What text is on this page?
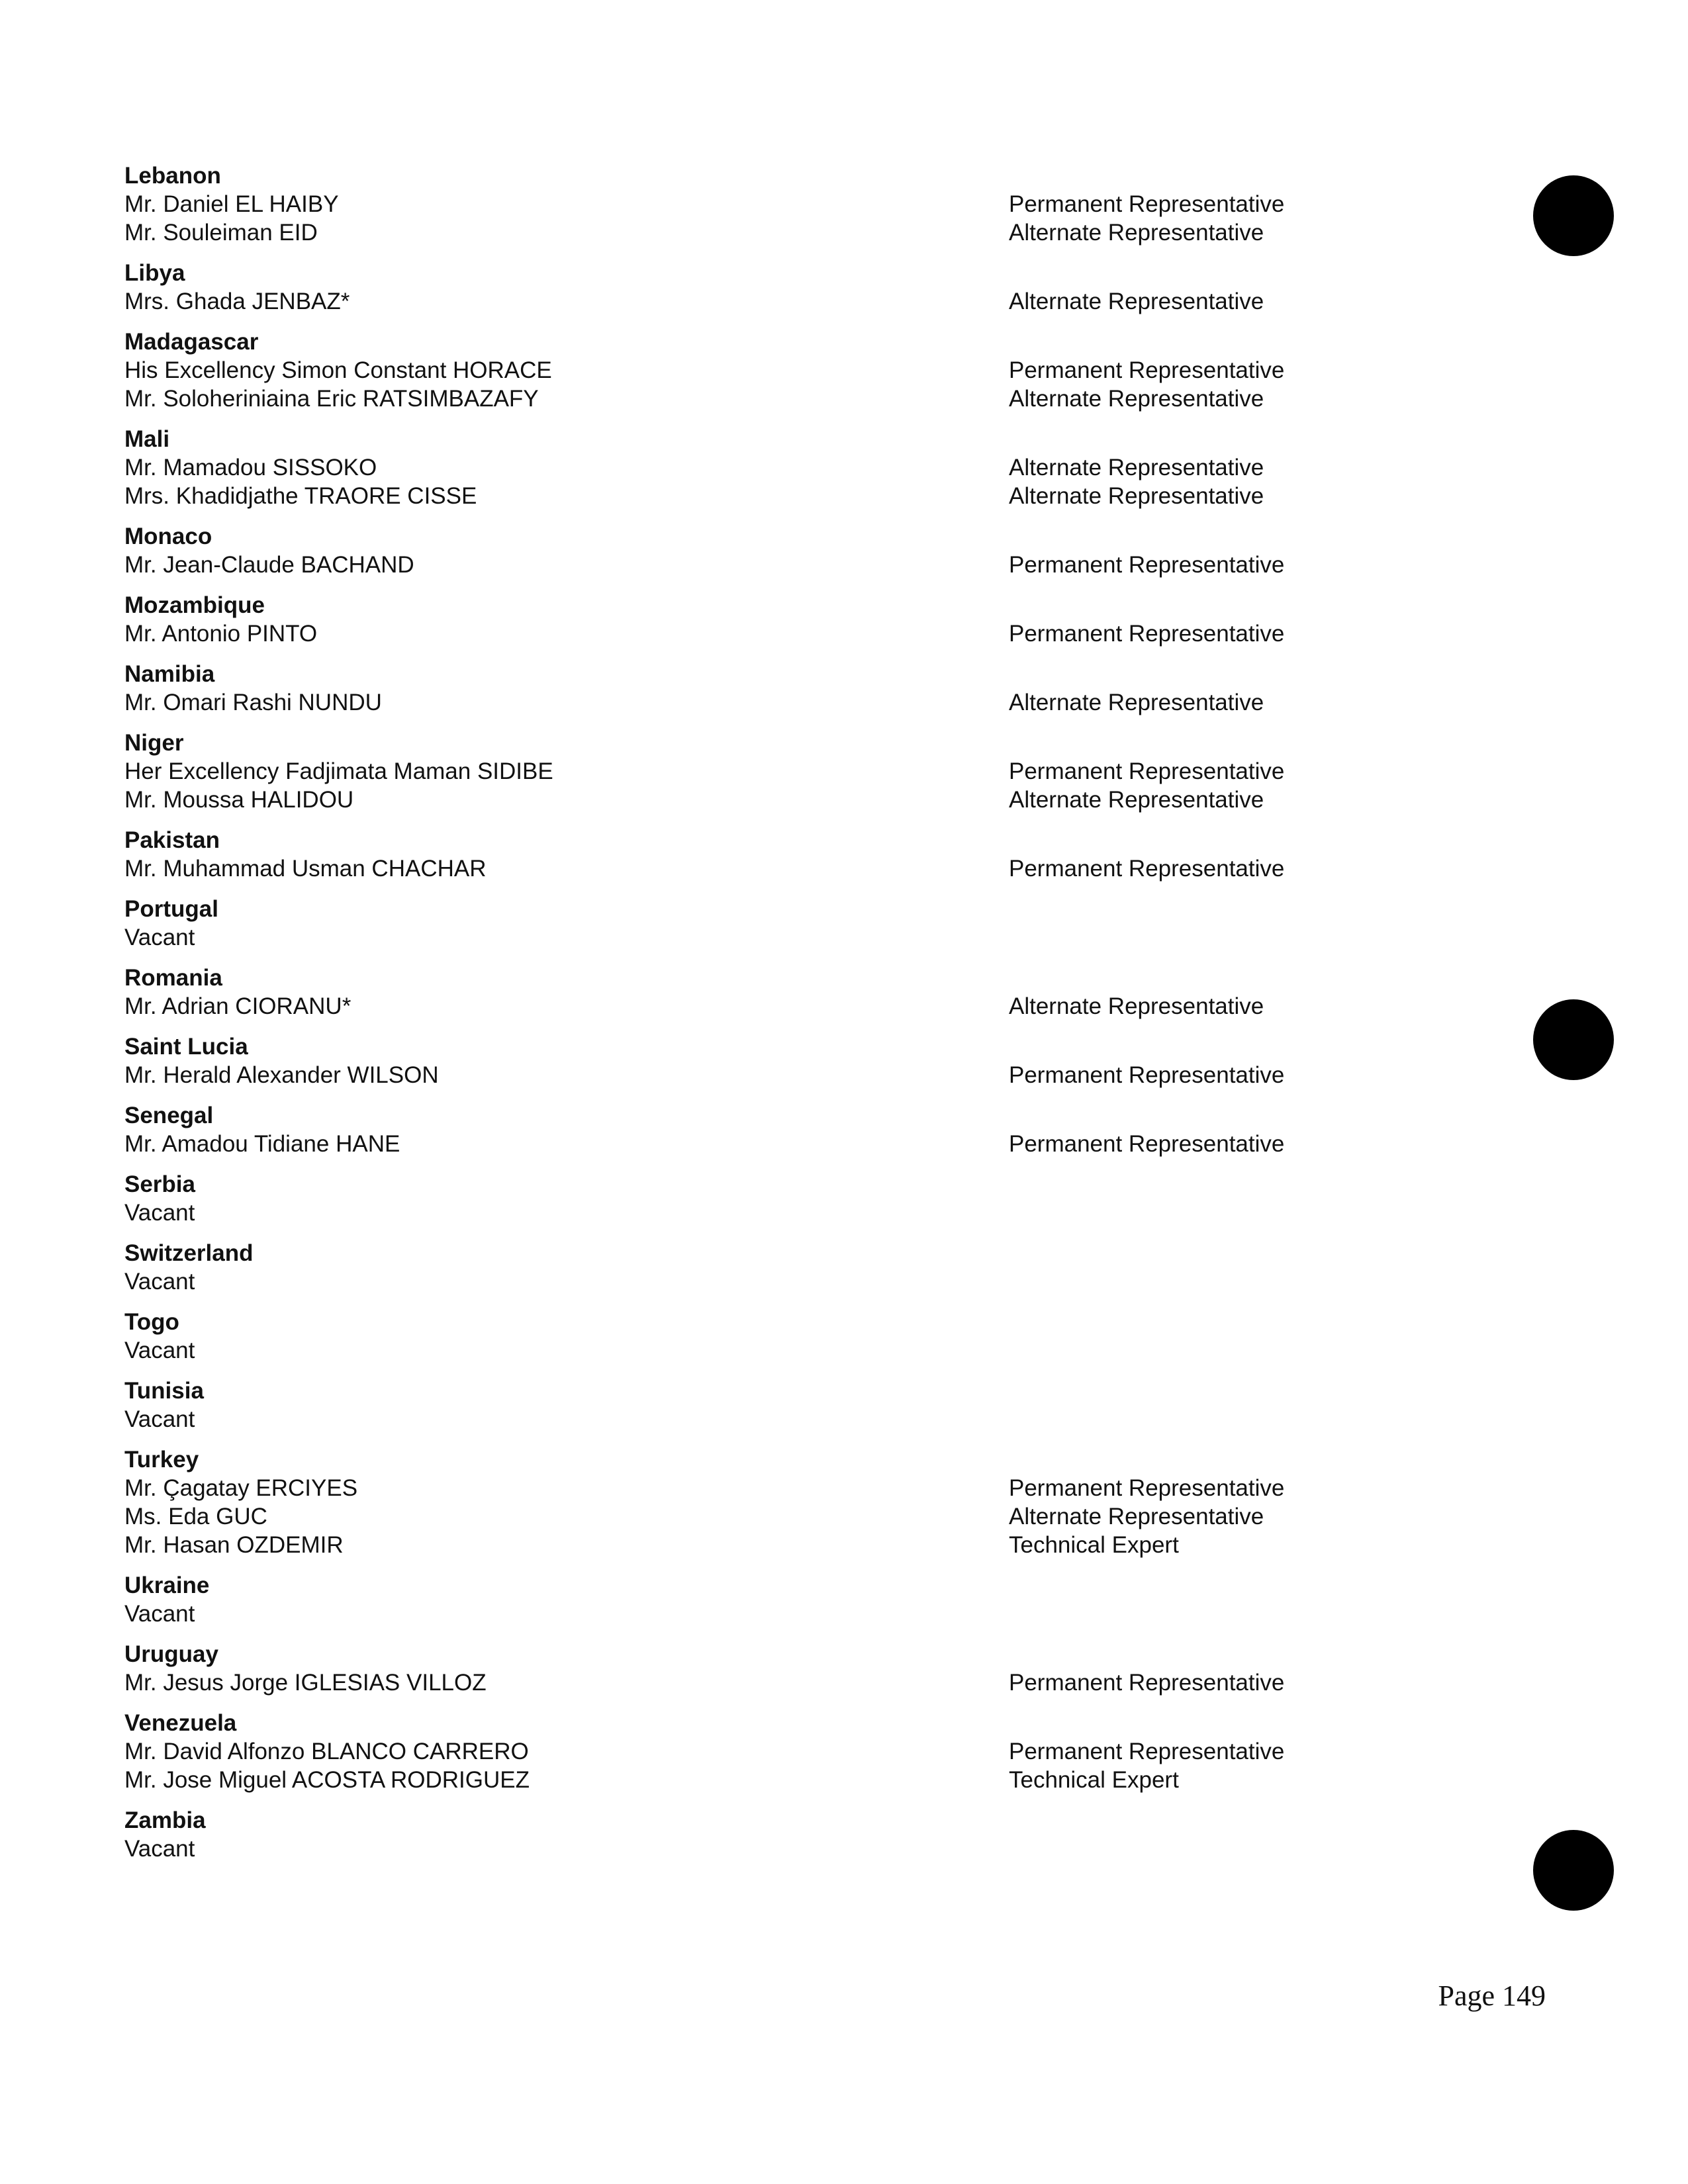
Lebanon
Mr. Daniel EL HAIBY	Permanent Representative
Mr. Souleiman EID	Alternate Representative
Libya
Mrs. Ghada JENBAZ*	Alternate Representative
Madagascar
His Excellency Simon Constant HORACE	Permanent Representative
Mr. Soloheriniaina Eric RATSIMBAZAFY	Alternate Representative
Mali
Mr. Mamadou SISSOKO	Alternate Representative
Mrs. Khadidjathe TRAORE CISSE	Alternate Representative
Monaco
Mr. Jean-Claude BACHAND	Permanent Representative
Mozambique
Mr. Antonio PINTO	Permanent Representative
Namibia
Mr. Omari Rashi NUNDU	Alternate Representative
Niger
Her Excellency Fadjimata Maman SIDIBE	Permanent Representative
Mr. Moussa HALIDOU	Alternate Representative
Pakistan
Mr. Muhammad Usman CHACHAR	Permanent Representative
Portugal
Vacant
Romania
Mr. Adrian CIORANU*	Alternate Representative
Saint Lucia
Mr. Herald Alexander WILSON	Permanent Representative
Senegal
Mr. Amadou Tidiane HANE	Permanent Representative
Serbia
Vacant
Switzerland
Vacant
Togo
Vacant
Tunisia
Vacant
Turkey
Mr. Çagatay ERCIYES	Permanent Representative
Ms. Eda GUC	Alternate Representative
Mr. Hasan OZDEMIR	Technical Expert
Ukraine
Vacant
Uruguay
Mr. Jesus Jorge IGLESIAS VILLOZ	Permanent Representative
Venezuela
Mr. David Alfonzo BLANCO CARRERO	Permanent Representative
Mr. Jose Miguel ACOSTA RODRIGUEZ	Technical Expert
Zambia
Vacant
Page 149
